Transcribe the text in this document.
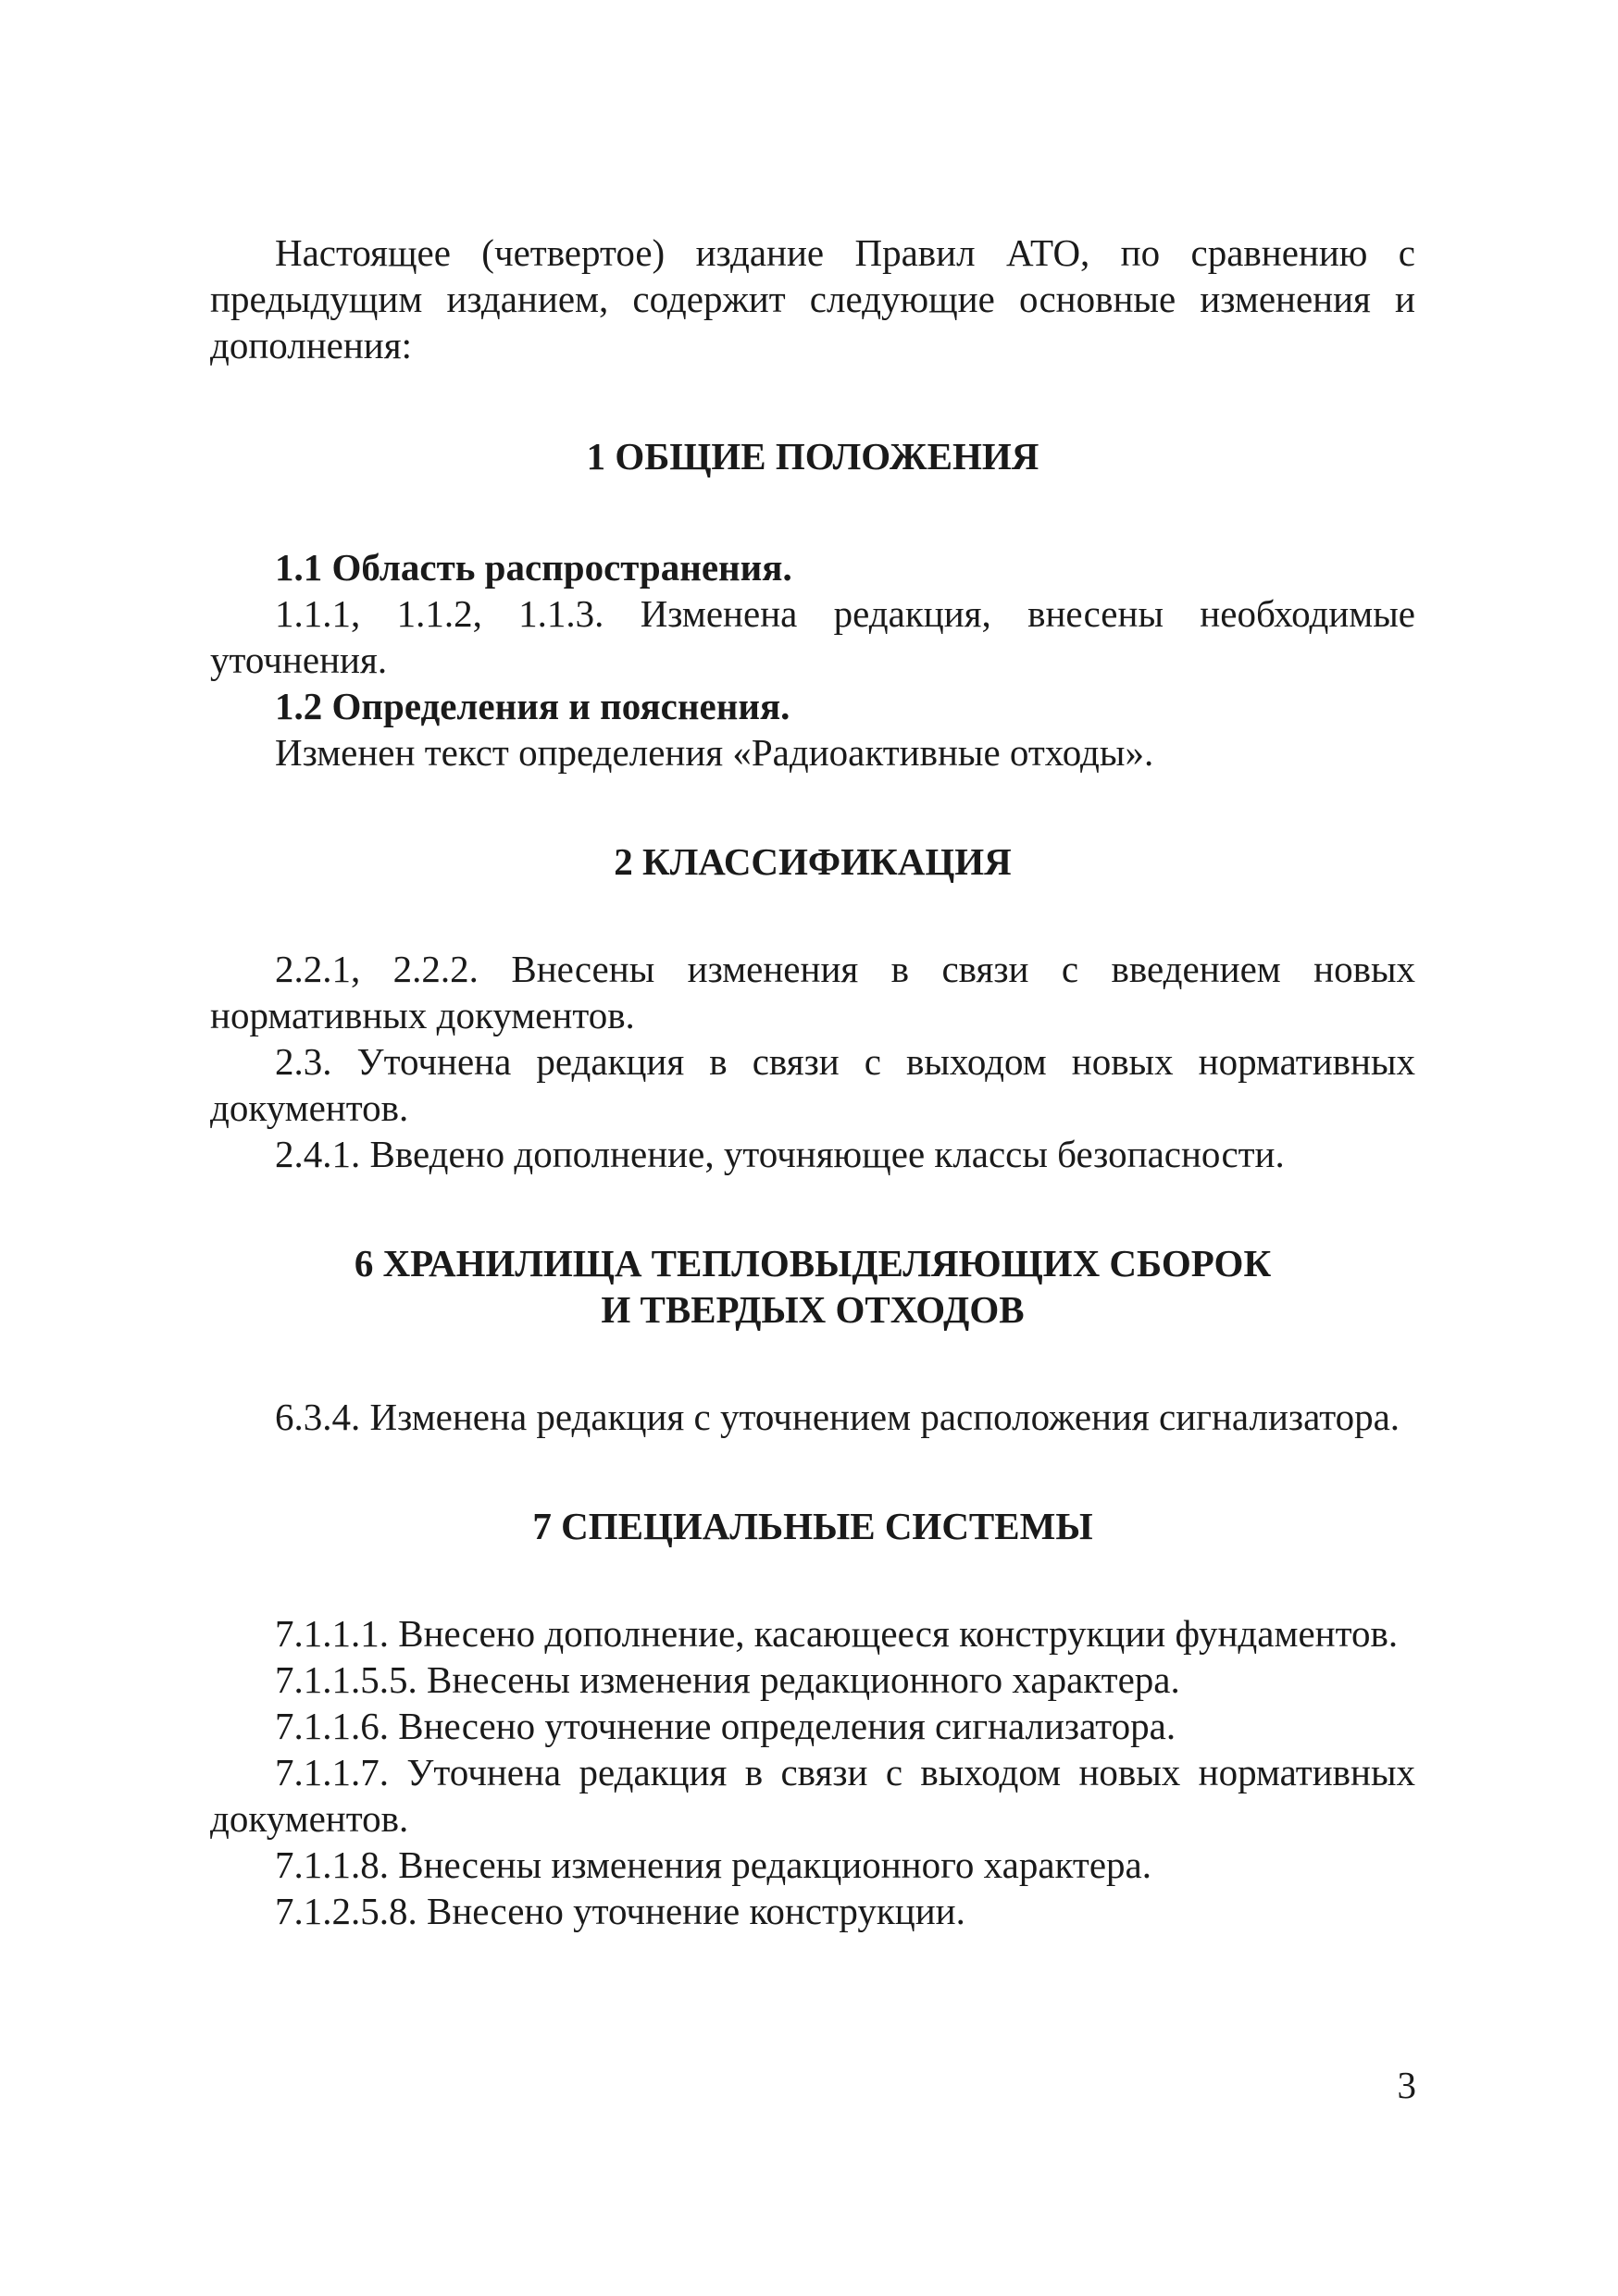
Настоящее (четвертое) издание Правил АТО, по сравнению с предыдущим изданием, содержит следующие основные изменения и дополнения:

1 ОБЩИЕ ПОЛОЖЕНИЯ
1.1 Область распространения.

1.1.1, 1.1.2, 1.1.3. Изменена редакция, внесены необходимые уточнения.

1.2 Определения и пояснения.

Изменен текст определения «Радиоактивные отходы».

2 КЛАССИФИКАЦИЯ

2.2.1, 2.2.2. Внесены изменения в связи с введением новых нормативных документов.

2.3. Уточнена редакция в связи с выходом новых нормативных документов.

2.4.1. Введено дополнение, уточняющее классы безопасности.

6 ХРАНИЛИЩА ТЕПЛОВЫДЕЛЯЮЩИХ СБОРОК
И ТВЕРДЫХ ОТХОДОВ

6.3.4. Изменена редакция с уточнением расположения сигнализатора.

7 СПЕЦИАЛЬНЫЕ СИСТЕМЫ

7.1.1.1. Внесено дополнение, касающееся конструкции фундаментов.

7.1.1.5.5. Внесены изменения редакционного характера.

7.1.1.6. Внесено уточнение определения сигнализатора.

7.1.1.7. Уточнена редакция в связи с выходом новых нормативных документов.

7.1.1.8. Внесены изменения редакционного характера.

7.1.2.5.8. Внесено уточнение конструкции.

3
